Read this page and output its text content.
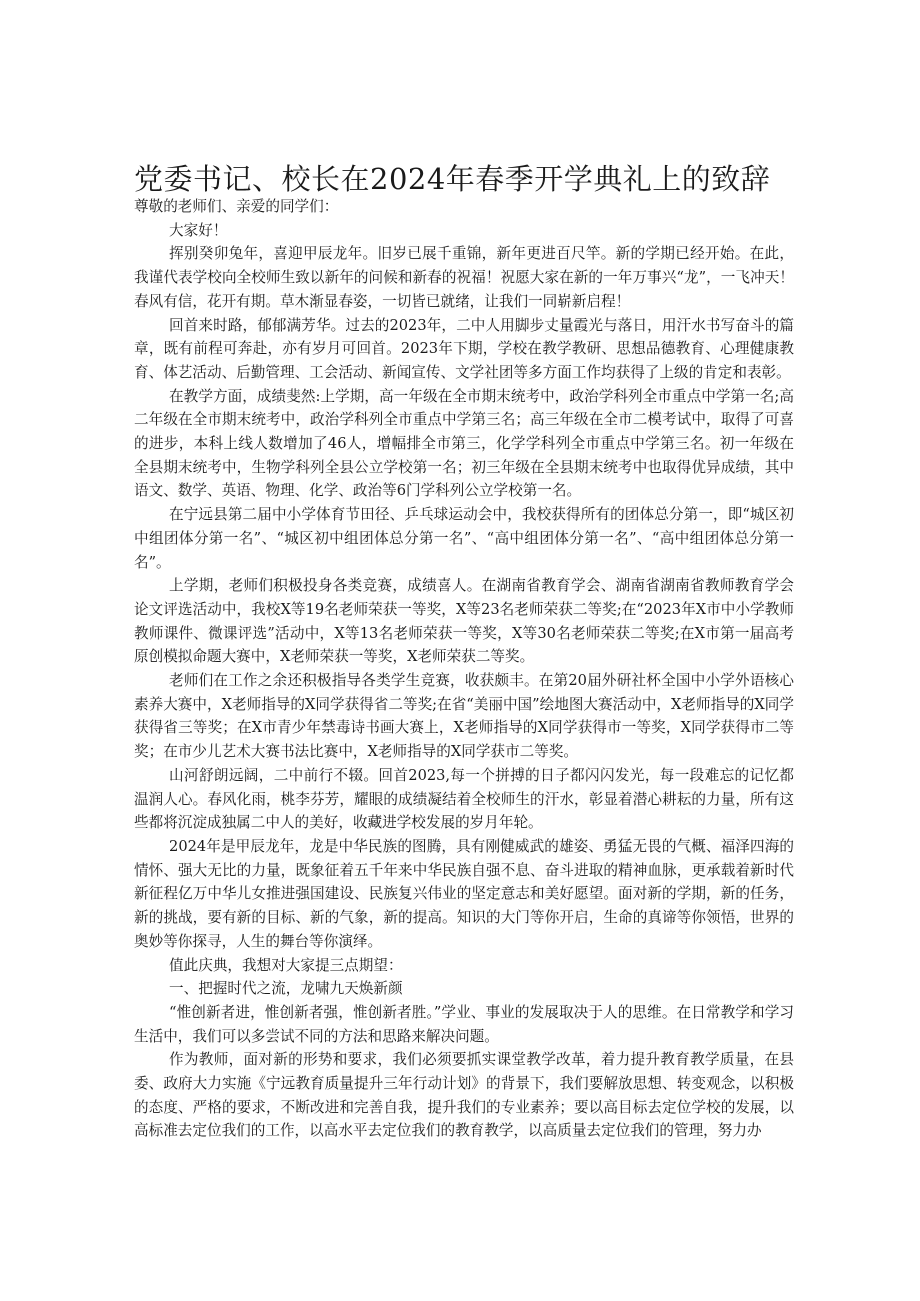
党委书记、校长在2024年春季开学典礼上的致辞

尊敬的老师们、亲爱的同学们：

大家好！

挥别癸卯兔年，喜迎甲辰龙年。旧岁已展千重锦，新年更进百尺竿。新的学期已经开始。在此，我谨代表学校向全校师生致以新年的问候和新春的祝福！祝愿大家在新的一年万事兴“龙”，一飞冲天！春风有信，花开有期。草木渐显春姿，一切皆已就绪，让我们一同崭新启程！

回首来时路，郁郁满芳华。过去的2023年，二中人用脚步丈量霞光与落日，用汗水书写奋斗的篇章，既有前程可奔赴，亦有岁月可回首。2023年下期，学校在教学教研、思想品德教育、心理健康教育、体艺活动、后勤管理、工会活动、新闻宣传、文学社团等多方面工作均获得了上级的肯定和表彰。

在教学方面，成绩斐然:上学期，高一年级在全市期末统考中，政治学科列全市重点中学第一名;高二年级在全市期末统考中，政治学科列全市重点中学第三名；高三年级在全市二模考试中，取得了可喜的进步，本科上线人数增加了46人，增幅排全市第三，化学学科列全市重点中学第三名。初一年级在全县期末统考中，生物学科列全县公立学校第一名；初三年级在全县期末统考中也取得优异成绩，其中语文、数学、英语、物理、化学、政治等6门学科列公立学校第一名。

在宁远县第二届中小学体育节田径、乒乓球运动会中，我校获得所有的团体总分第一，即“城区初中组团体分第一名”、“城区初中组团体总分第一名”、“高中组团体分第一名”、“高中组团体总分第一名”。

上学期，老师们积极投身各类竞赛，成绩喜人。在湖南省教育学会、湖南省湖南省教师教育学会论文评选活动中，我校X等19名老师荣获一等奖，X等23名老师荣获二等奖;在“2023年X市中小学教师教师课件、微课评选”活动中，X等13名老师荣获一等奖，X等30名老师荣获二等奖;在X市第一届高考原创模拟命题大赛中，X老师荣获一等奖，X老师荣获二等奖。

老师们在工作之余还积极指导各类学生竞赛，收获颇丰。在第20届外研社杯全国中小学外语核心素养大赛中，X老师指导的X同学获得省二等奖;在省“美丽中国”绘地图大赛活动中，X老师指导的X同学获得省三等奖；在X市青少年禁毒诗书画大赛上，X老师指导的X同学获得市一等奖，X同学获得市二等奖；在市少儿艺术大赛书法比赛中，X老师指导的X同学获市二等奖。

山河舒朗远阔，二中前行不辍。回首2023,每一个拼搏的日子都闪闪发光，每一段难忘的记忆都温润人心。春风化雨，桃李芬芳，耀眼的成绩凝结着全校师生的汗水，彰显着潜心耕耘的力量，所有这些都将沉淀成独属二中人的美好，收藏进学校发展的岁月年轮。

2024年是甲辰龙年，龙是中华民族的图腾，具有刚健威武的雄姿、勇猛无畏的气概、福泽四海的情怀、强大无比的力量，既象征着五千年来中华民族自强不息、奋斗进取的精神血脉，更承载着新时代新征程亿万中华儿女推进强国建设、民族复兴伟业的坚定意志和美好愿望。面对新的学期，新的任务，新的挑战，要有新的目标、新的气象，新的提高。知识的大门等你开启，生命的真谛等你领悟，世界的奥妙等你探寻，人生的舞台等你演绎。

值此庆典，我想对大家提三点期望：

一、把握时代之流，龙啸九天焕新颜

“惟创新者进，惟创新者强，惟创新者胜。”学业、事业的发展取决于人的思维。在日常教学和学习生活中，我们可以多尝试不同的方法和思路来解决问题。

作为教师，面对新的形势和要求，我们必须要抓实课堂教学改革，着力提升教育教学质量，在县委、政府大力实施《宁远教育质量提升三年行动计划》的背景下，我们要解放思想、转变观念，以积极的态度、严格的要求，不断改进和完善自我，提升我们的专业素养；要以高目标去定位学校的发展，以高标准去定位我们的工作，以高水平去定位我们的教育教学，以高质量去定位我们的管理，努力办
